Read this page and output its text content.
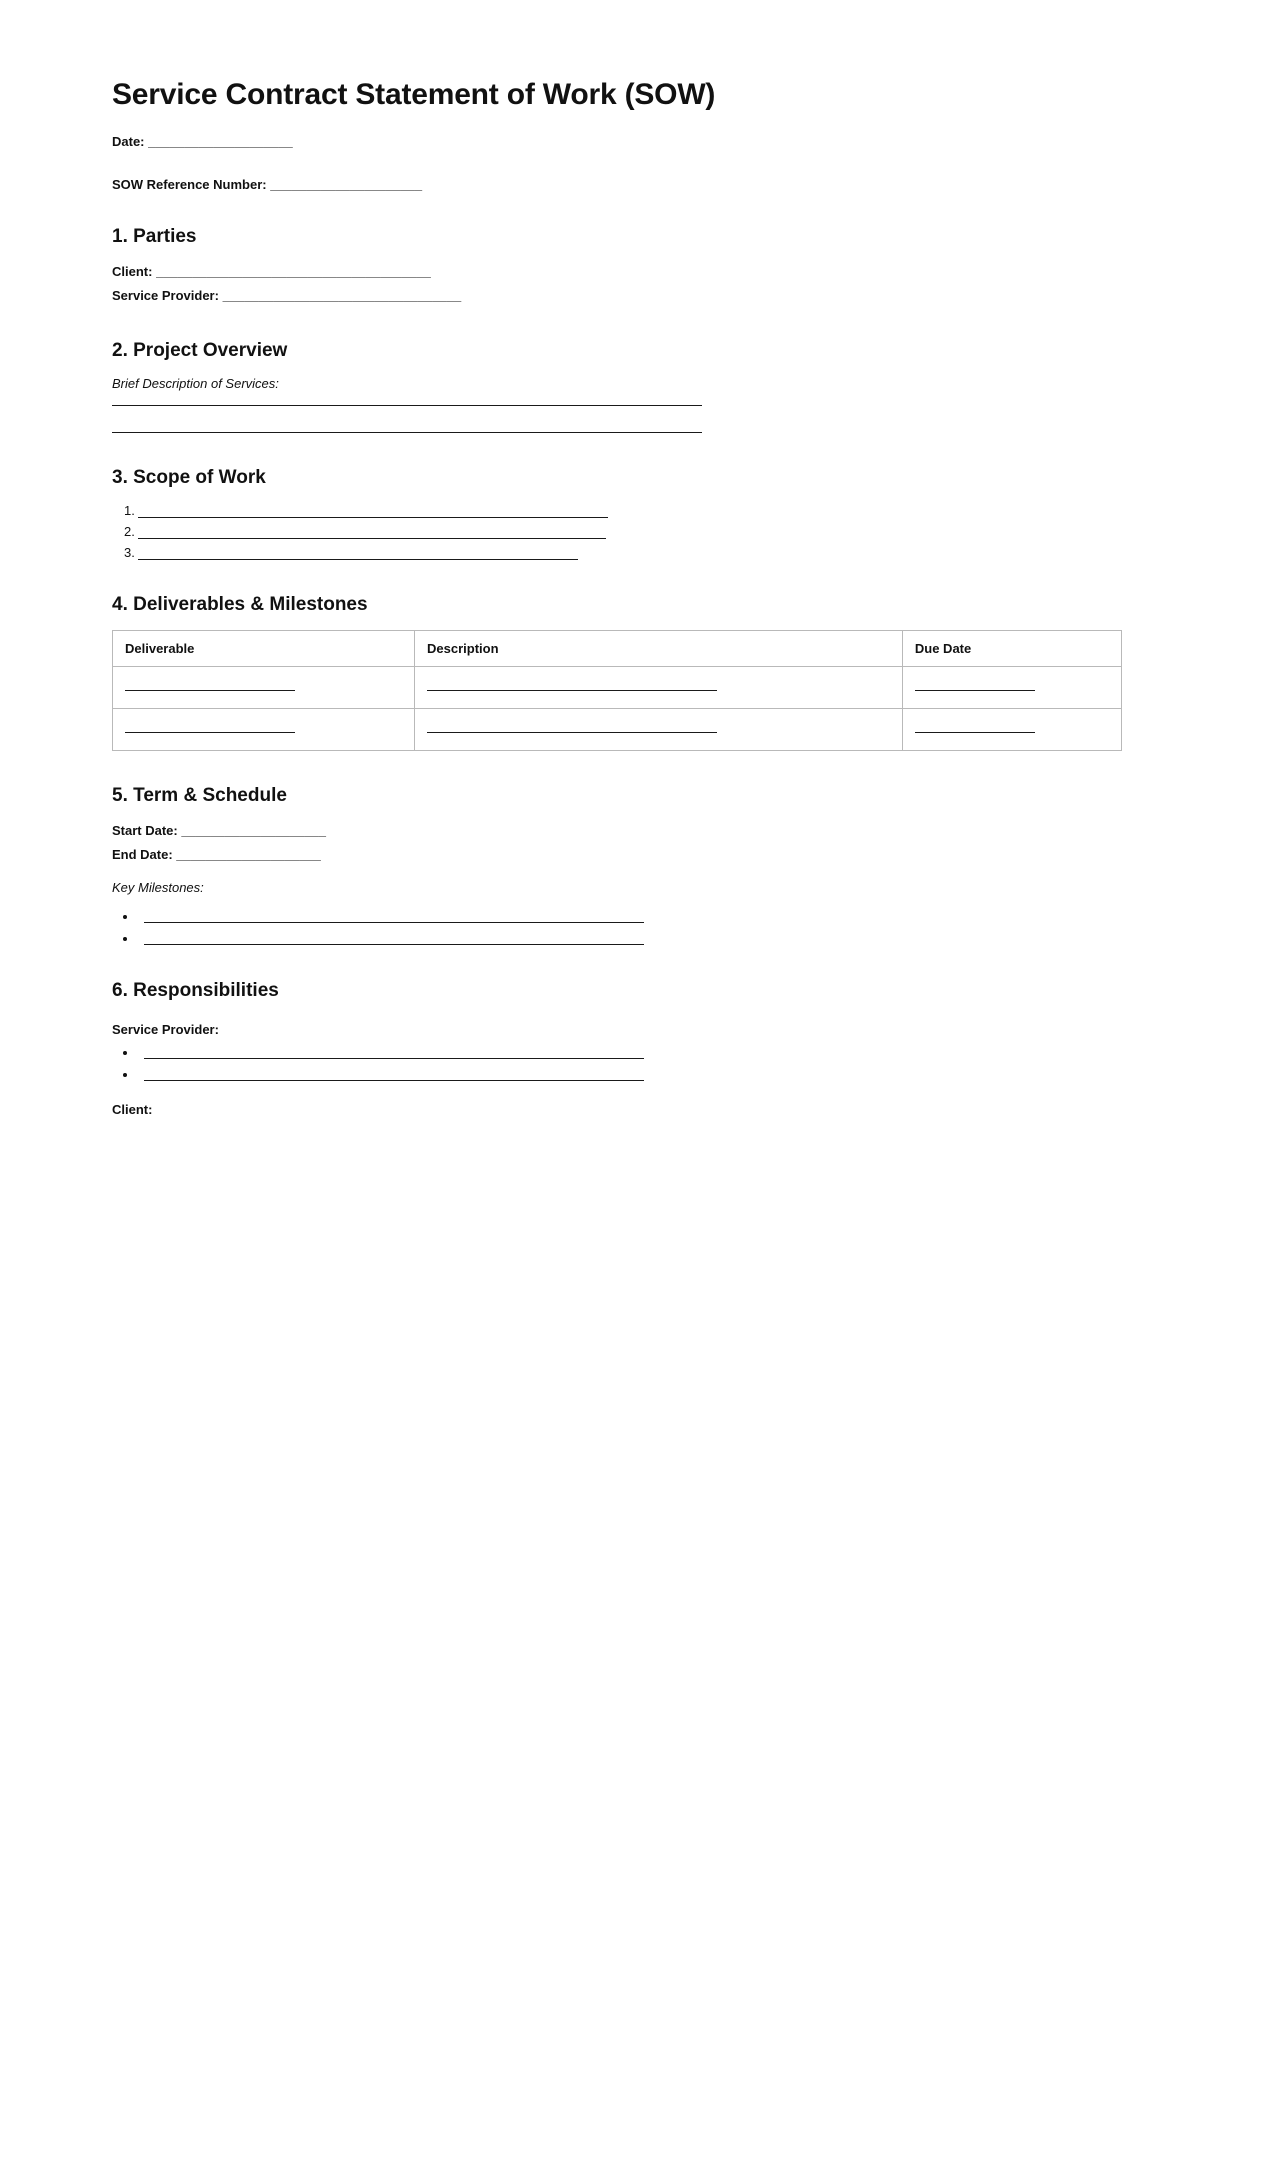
Service Contract Statement of Work (SOW)
Date: ____________________
SOW Reference Number: _____________________
1. Parties
Client: ______________________________________
Service Provider: _________________________________
2. Project Overview
Brief Description of Services:
3. Scope of Work
1.
2.
3.
4. Deliverables & Milestones
Deliverable	Description	Due Date

5. Term & Schedule
Start Date: ____________________
End Date: ____________________
Key Milestones:
•
•
6. Responsibilities
Service Provider:
•
•
Client:
